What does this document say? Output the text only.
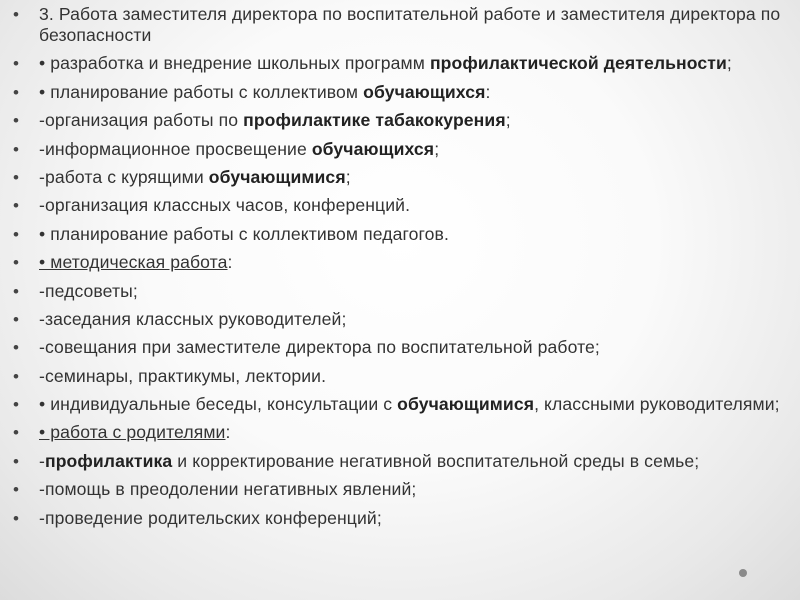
• 3. Работа заместителя директора по воспитательной работе и заместителя директора по безопасности
• • разработка и внедрение школьных программ профилактической деятельности;
• • планирование работы с коллективом обучающихся:
• -организация работы по профилактике табакокурения;
• -информационное просвещение обучающихся;
• -работа с курящими обучающимися;
• -организация классных часов, конференций.
• • планирование работы с коллективом педагогов.
• • методическая работа:
• -педсоветы;
• -заседания классных руководителей;
• -совещания при заместителе директора по воспитательной работе;
• -семинары, практикумы, лектории.
• • индивидуальные беседы, консультации с обучающимися, классными руководителями;
• • работа с родителями:
• -профилактика и корректирование негативной воспитательной среды в семье;
• -помощь в преодолении негативных явлений;
• -проведение родительских конференций;
